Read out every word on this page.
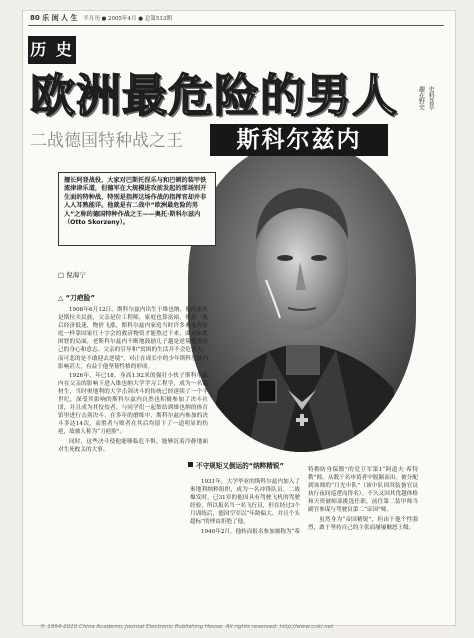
80 乐 闲 人 生 半月刊 ● 2005年4月 ● 总第513期
历 史
趣在野史 史料荟萃
欧洲最危险的男人
二战德国特种战之王	斯科尔兹内
擅长阿登战役、大家对巴斯托涅乐与和巴顿的装甲铁流津津乐道，但德军在大规模进攻前发起的那场别开生面的特种战，特别是指挥这场作战的指挥官却并非人人耳熟能详。他就是有二战中“欧洲最危险的男人”之称的德国特种作战之王——奥托·斯科尔兹内（Otto Skorzeny）。
□ 倪海宁
△ “刀疤脸”

1908年6月12日，斯科尔兹内出生于维也纳，他的祖先是斯拉夫民族，父亲是位工程师，家庭也算富裕，但是一战后经济低迷，物价飞涨，斯科尔兹内家庭当时许多奥地利家庭一样靠国家红十字会的救济物资才能熬过下来，面对如此困窘的局面，老斯科尔兹内不断地鼓励儿子越是逆境越要自己的身心和意志。父亲的引导和“贫困的生活并不会危害人，而可悲的是不敢迎去逆境”，对正在成长中的少年斯科尔兹内影响甚大，有益于他坚韧性格的形成。

1926年，年已18，身高1.92米的强壮小伙子斯科尔兹内在父亲的影响下进入维也纳大学学习工程学，成为一名高材生，当时奥地利的大学击剑决斗的传统已经延续了一个半世纪，深受其影响的斯科尔兹内自然也积极参加了决斗社团，并且成为其佼佼者。与同学们一起集结到维也纳的体育馆里进行击剑决斗，在多年的磨练中，斯科尔兹内参加的决斗多达14次，而胜者与败者在其后均留下了一道明显的伤疤，故被人称为“刀疤脸”。

同时，这些决斗使他能够临危不惧，能够沉着冷静地面对生死攸关的大事。

不守规矩又倒运的“纳粹精锐”

1931年，大学毕业的斯科尔兹内加入了奥地利纳粹组织，成为一名冲锋队员。二战爆发时，已31岁的他因具有驾驶飞机的驾驶经验，所以报名当一名飞行员，但在经过3个月训练后，德国空军以“年龄偏大、并且个头超标”的理由拒绝了他。

1940年2月，他转而报名参加被称为“希

特勒防身保镖”的党卫军第1“阿道夫·希特勒”师，从数千名申请者中脱颖而出。被分配到该师的“月光中队”（该中队因其装备官员执行夜间巡逻而得名）。不久又因其优越体格和天资被师部挑选任职，前往第二装甲师当副官参谋与驾驶员第二“帝国”师。

虽然身为“帝国精锐”，但由于他个性强烈，敢于坚持自己的主张而屡屡触怒上级。

© 1994-2010 China Academic Journal Electronic Publishing House. All rights reserved. http://www.cnki.net
